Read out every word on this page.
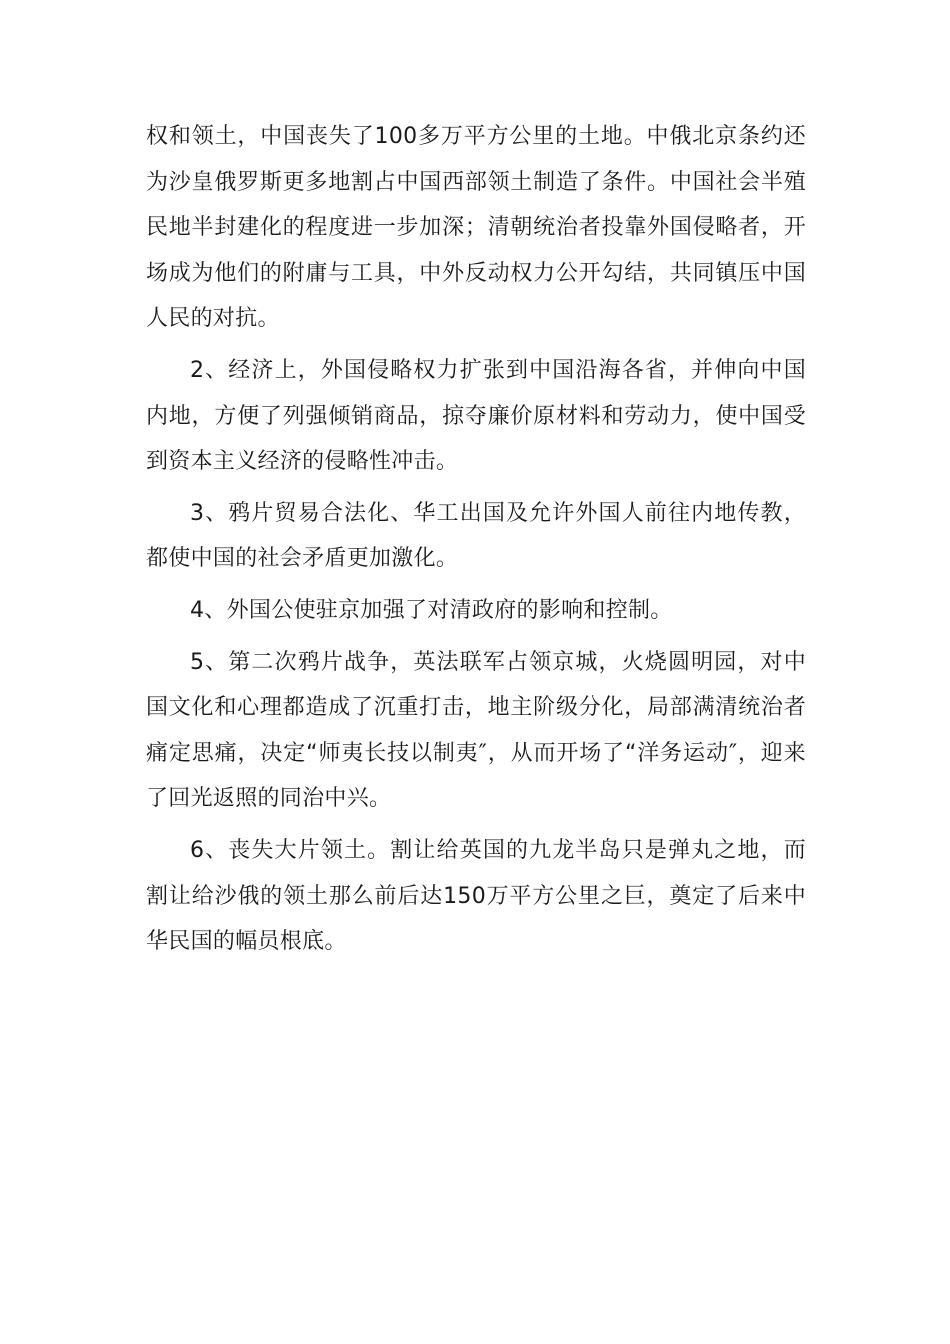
权和领土，中国丧失了100多万平方公里的土地。中俄北京条约还为沙皇俄罗斯更多地割占中国西部领土制造了条件。中国社会半殖民地半封建化的程度进一步加深；清朝统治者投靠外国侵略者，开场成为他们的附庸与工具，中外反动权力公开勾结，共同镇压中国人民的对抗。

2、经济上，外国侵略权力扩张到中国沿海各省，并伸向中国内地，方便了列强倾销商品，掠夺廉价原材料和劳动力，使中国受到资本主义经济的侵略性冲击。

3、鸦片贸易合法化、华工出国及允许外国人前往内地传教，都使中国的社会矛盾更加激化。

4、外国公使驻京加强了对清政府的影响和控制。

5、第二次鸦片战争，英法联军占领京城，火烧圆明园，对中国文化和心理都造成了沉重打击，地主阶级分化，局部满清统治者痛定思痛，决定“师夷长技以制夷″，从而开场了“洋务运动″，迎来了回光返照的同治中兴。

6、丧失大片领土。割让给英国的九龙半岛只是弹丸之地，而割让给沙俄的领土那么前后达150万平方公里之巨，奠定了后来中华民国的幅员根底。
